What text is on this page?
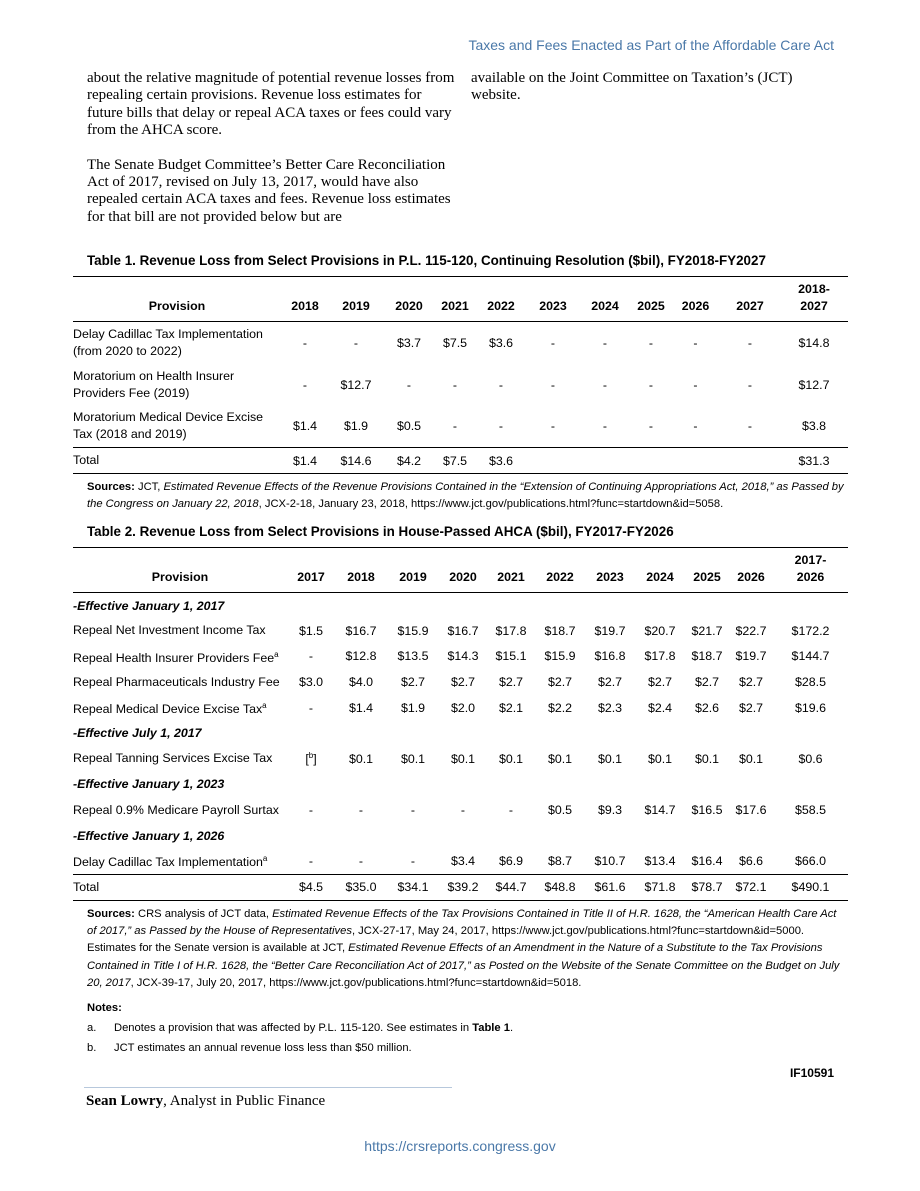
Taxes and Fees Enacted as Part of the Affordable Care Act

about the relative magnitude of potential revenue losses from repealing certain provisions. Revenue loss estimates for future bills that delay or repeal ACA taxes or fees could vary from the AHCA score.

The Senate Budget Committee’s Better Care Reconciliation Act of 2017, revised on July 13, 2017, would have also repealed certain ACA taxes and fees. Revenue loss estimates for that bill are not provided below but are

available on the Joint Committee on Taxation’s (JCT) website.

Table 1. Revenue Loss from Select Provisions in P.L. 115-120, Continuing Resolution ($bil), FY2018-FY2027
Provision	2018	2019	2020	2021	2022	2023	2024	2025	2026	2027	2018-
2027
Delay Cadillac Tax Implementation (from 2020 to 2022)	-	-	$3.7	$7.5	$3.6	-	-	-	-	-	$14.8
Moratorium on Health Insurer Providers Fee (2019)	-	$12.7	-	-	-	-	-	-	-	-	$12.7
Moratorium Medical Device Excise Tax (2018 and 2019)	$1.4	$1.9	$0.5	-	-	-	-	-	-	-	$3.8
Total	$1.4	$14.6	$4.2	$7.5	$3.6						$31.3
Sources: JCT, Estimated Revenue Effects of the Revenue Provisions Contained in the “Extension of Continuing Appropriations Act, 2018,” as Passed by the Congress on January 22, 2018, JCX-2-18, January 23, 2018, https://www.jct.gov/publications.html?func=startdown&id=5058.
Table 2. Revenue Loss from Select Provisions in House-Passed AHCA ($bil), FY2017-FY2026
Provision	2017	2018	2019	2020	2021	2022	2023	2024	2025	2026	2017-
2026
-Effective January 1, 2017											
Repeal Net Investment Income Tax	$1.5	$16.7	$15.9	$16.7	$17.8	$18.7	$19.7	$20.7	$21.7	$22.7	$172.2
Repeal Health Insurer Providers Fee$^a$	-	$12.8	$13.5	$14.3	$15.1	$15.9	$16.8	$17.8	$18.7	$19.7	$144.7
Repeal Pharmaceuticals Industry Fee	$3.0	$4.0	$2.7	$2.7	$2.7	$2.7	$2.7	$2.7	$2.7	$2.7	$28.5
Repeal Medical Device Excise Tax$^a$	-	$1.4	$1.9	$2.0	$2.1	$2.2	$2.3	$2.4	$2.6	$2.7	$19.6
-Effective July 1, 2017											
Repeal Tanning Services Excise Tax	[$^b$]	$0.1	$0.1	$0.1	$0.1	$0.1	$0.1	$0.1	$0.1	$0.1	$0.6
-Effective January 1, 2023											
Repeal 0.9% Medicare Payroll Surtax	-	-	-	-	-	$0.5	$9.3	$14.7	$16.5	$17.6	$58.5
-Effective January 1, 2026											
Delay Cadillac Tax Implementation$^a$	-	-	-	$3.4	$6.9	$8.7	$10.7	$13.4	$16.4	$6.6	$66.0
Total	$4.5	$35.0	$34.1	$39.2	$44.7	$48.8	$61.6	$71.8	$78.7	$72.1	$490.1
Sources: CRS analysis of JCT data, Estimated Revenue Effects of the Tax Provisions Contained in Title II of H.R. 1628, the “American Health Care Act of 2017,” as Passed by the House of Representatives, JCX-27-17, May 24, 2017, https://www.jct.gov/publications.html?func=startdown&id=5000. Estimates for the Senate version is available at JCT, Estimated Revenue Effects of an Amendment in the Nature of a Substitute to the Tax Provisions Contained in Title I of H.R. 1628, the “Better Care Reconciliation Act of 2017,” as Posted on the Website of the Senate Committee on the Budget on July 20, 2017, JCX-39-17, July 20, 2017, https://www.jct.gov/publications.html?func=startdown&id=5018.
Notes:
a.	Denotes a provision that was affected by P.L. 115-120. See estimates in Table 1.
b.	JCT estimates an annual revenue loss less than $50 million.
IF10591
Sean Lowry, Analyst in Public Finance
https://crsreports.congress.gov
